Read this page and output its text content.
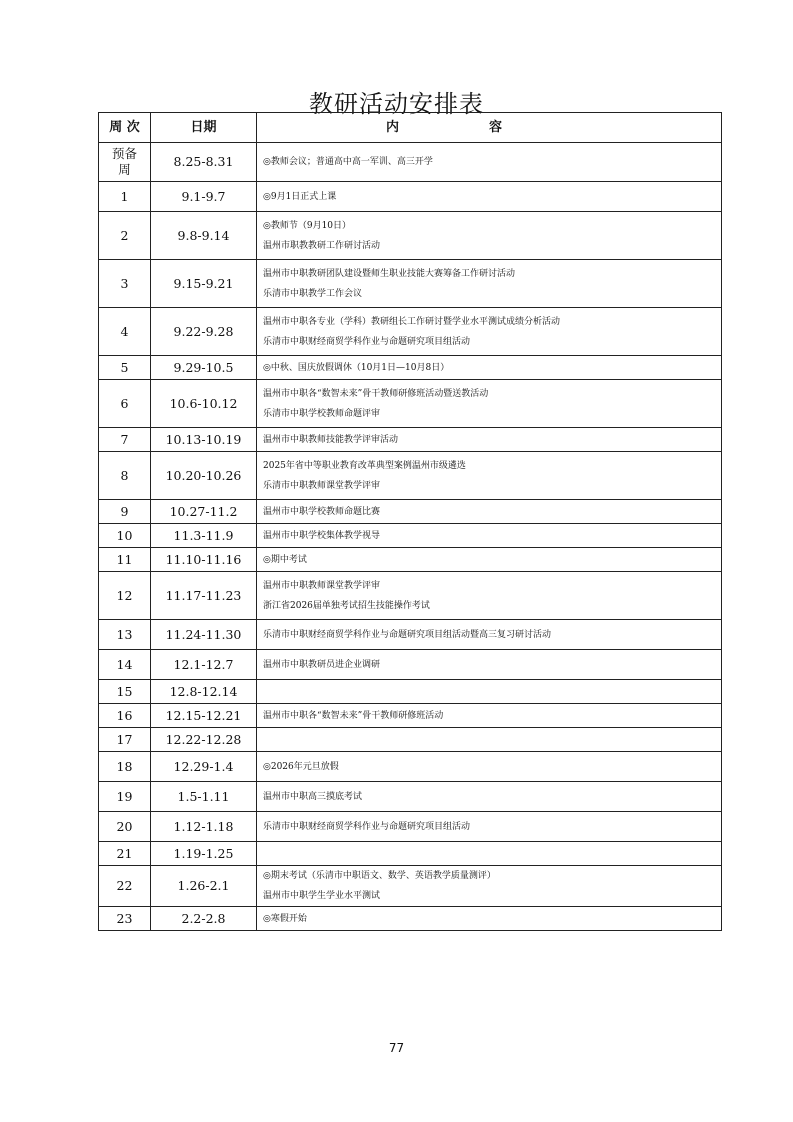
教研活动安排表
周 次	日期	内容
预备周	8.25-8.31	◎教师会议；普通高中高一军训、高三开学

1	9.1-9.7	◎9月1日正式上课

2	9.8-9.14	◎教师节（9月10日）
温州市职教教研工作研讨活动

3	9.15-9.21	温州市中职教研团队建设暨师生职业技能大赛筹备工作研讨活动
乐清市中职教学工作会议

4	9.22-9.28	温州市中职各专业（学科）教研组长工作研讨暨学业水平测试成绩分析活动
乐清市中职财经商贸学科作业与命题研究项目组活动

5	9.29-10.5	◎中秋、国庆放假调休（10月1日—10月8日）

6	10.6-10.12	温州市中职各“数智未来”骨干教师研修班活动暨送教活动
乐清市中职学校教师命题评审

7	10.13-10.19	温州市中职教师技能教学评审活动

8	10.20-10.26	2025年省中等职业教育改革典型案例温州市级遴选
乐清市中职教师课堂教学评审

9	10.27-11.2	温州市中职学校教师命题比赛

10	11.3-11.9	温州市中职学校集体教学视导

11	11.10-11.16	◎期中考试

12	11.17-11.23	温州市中职教师课堂教学评审
浙江省2026届单独考试招生技能操作考试

13	11.24-11.30	乐清市中职财经商贸学科作业与命题研究项目组活动暨高三复习研讨活动

14	12.1-12.7	温州市中职教研员进企业调研

15	12.8-12.14	
16	12.15-12.21	温州市中职各“数智未来”骨干教师研修班活动

17	12.22-12.28	
18	12.29-1.4	◎2026年元旦放假

19	1.5-1.11	温州市中职高三摸底考试

20	1.12-1.18	乐清市中职财经商贸学科作业与命题研究项目组活动

21	1.19-1.25	
22	1.26-2.1	◎期末考试（乐清市中职语文、数学、英语教学质量测评）
温州市中职学生学业水平测试

23	2.2-2.8	◎寒假开始
77
